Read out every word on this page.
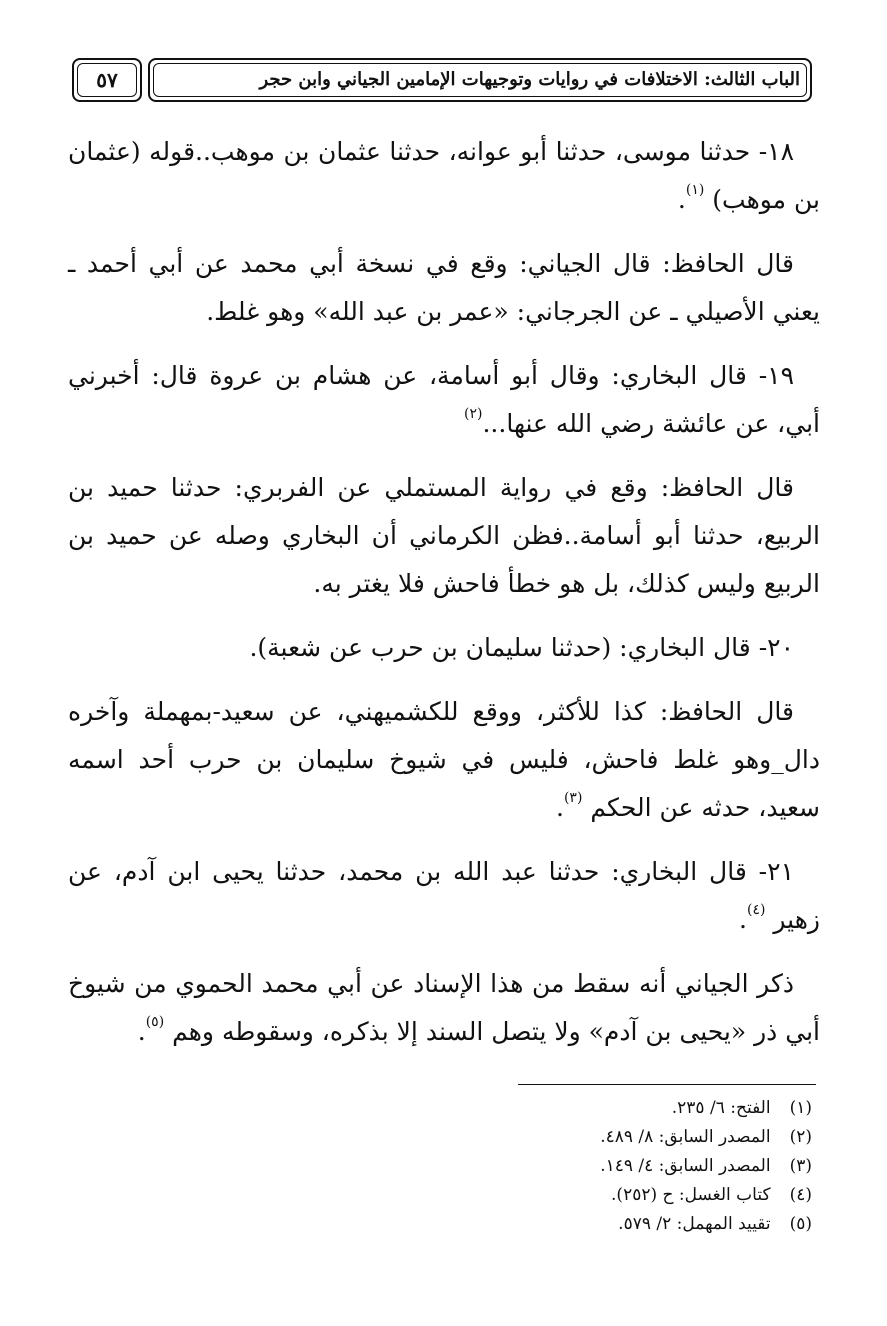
٥٧	الباب الثالث: الاختلافات في روايات وتوجيهات الإمامين الجياني وابن حجر

١٨- حدثنا موسى، حدثنا أبو عوانه، حدثنا عثمان بن موهب..قوله (عثمان بن موهب) $^{(١)}$.

قال الحافظ: قال الجياني: وقع في نسخة أبي محمد عن أبي أحمد ـ يعني الأصيلي ـ عن الجرجاني: «عمر بن عبد الله» وهو غلط.

١٩- قال البخاري: وقال أبو أسامة، عن هشام بن عروة قال: أخبرني أبي، عن عائشة رضي الله عنها...$^{(٢)}$

قال الحافظ: وقع في رواية المستملي عن الفربري: حدثنا حميد بن الربيع، حدثنا أبو أسامة..فظن الكرماني أن البخاري وصله عن حميد بن الربيع وليس كذلك، بل هو خطأ فاحش فلا يغتر به.

٢٠- قال البخاري: (حدثنا سليمان بن حرب عن شعبة).

قال الحافظ: كذا للأكثر، ووقع للكشميهني، عن سعيد-بمهملة وآخره دال_وهو غلط فاحش، فليس في شيوخ سليمان بن حرب أحد اسمه سعيد، حدثه عن الحكم $^{(٣)}$.

٢١- قال البخاري: حدثنا عبد الله بن محمد، حدثنا يحيى ابن آدم، عن زهير $^{(٤)}$.

ذكر الجياني أنه سقط من هذا الإسناد عن أبي محمد الحموي من شيوخ أبي ذر «يحيى بن آدم» ولا يتصل السند إلا بذكره، وسقوطه وهم $^{(٥)}$.

(١) الفتح: ٦/ ٢٣٥.

(٢) المصدر السابق: ٨/ ٤٨٩.

(٣) المصدر السابق: ٤/ ١٤٩.

(٤) كتاب الغسل: ح (٢٥٢).

(٥) تقييد المهمل: ٢/ ٥٧٩.
